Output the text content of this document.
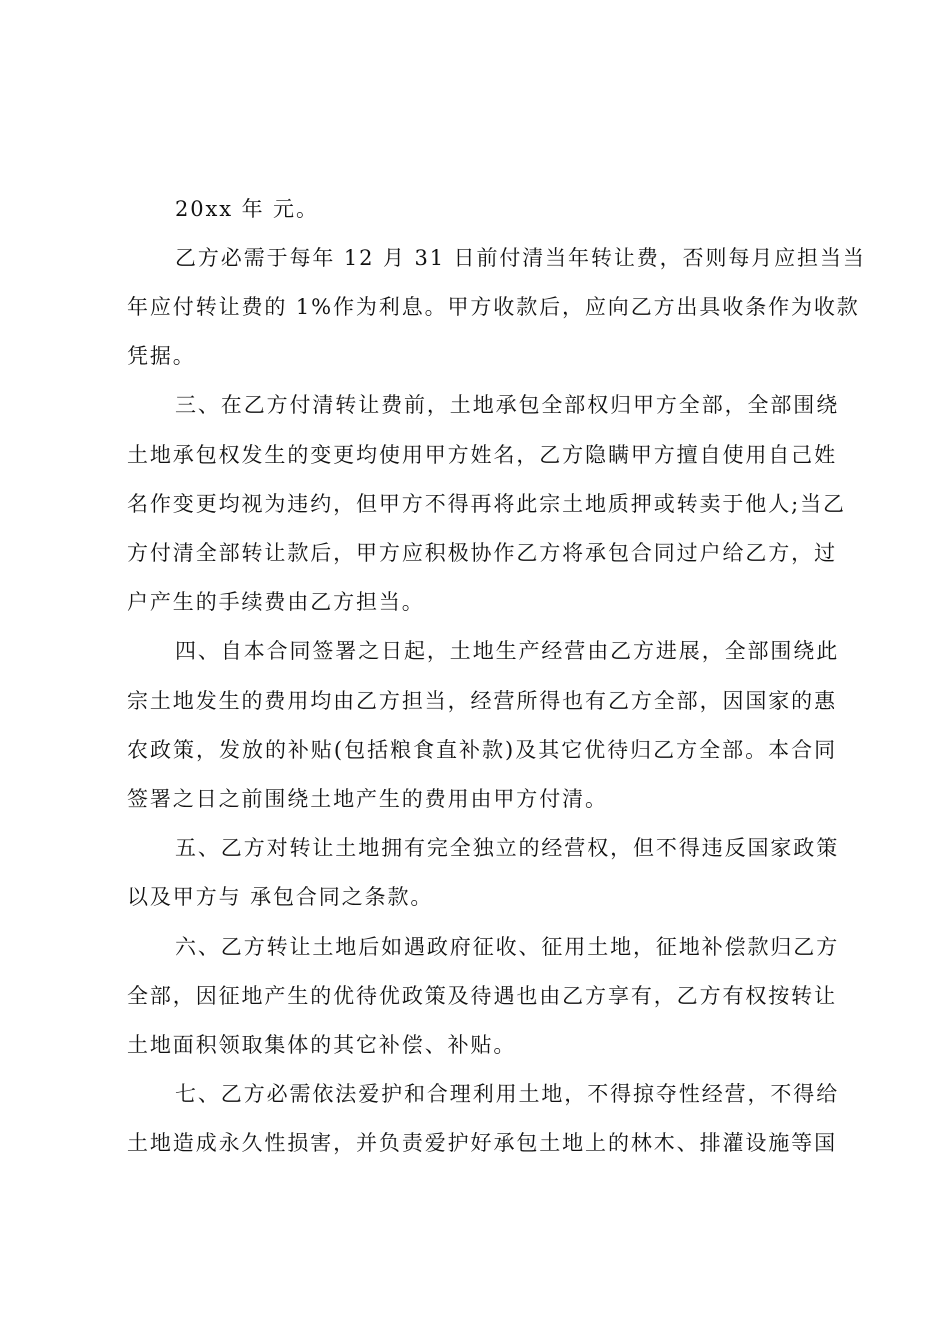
20xx 年 元。
乙方必需于每年 12 月 31 日前付清当年转让费，否则每月应担当当
年应付转让费的 1%作为利息。甲方收款后，应向乙方出具收条作为收款
凭据。
三、在乙方付清转让费前，土地承包全部权归甲方全部，全部围绕
土地承包权发生的变更均使用甲方姓名，乙方隐瞒甲方擅自使用自己姓
名作变更均视为违约，但甲方不得再将此宗土地质押或转卖于他人;当乙
方付清全部转让款后，甲方应积极协作乙方将承包合同过户给乙方，过
户产生的手续费由乙方担当。
四、自本合同签署之日起，土地生产经营由乙方进展，全部围绕此
宗土地发生的费用均由乙方担当，经营所得也有乙方全部，因国家的惠
农政策，发放的补贴(包括粮食直补款)及其它优待归乙方全部。本合同
签署之日之前围绕土地产生的费用由甲方付清。
五、乙方对转让土地拥有完全独立的经营权，但不得违反国家政策
以及甲方与 承包合同之条款。
六、乙方转让土地后如遇政府征收、征用土地，征地补偿款归乙方
全部，因征地产生的优待优政策及待遇也由乙方享有，乙方有权按转让
土地面积领取集体的其它补偿、补贴。
七、乙方必需依法爱护和合理利用土地，不得掠夺性经营，不得给
土地造成永久性损害，并负责爱护好承包土地上的林木、排灌设施等国
